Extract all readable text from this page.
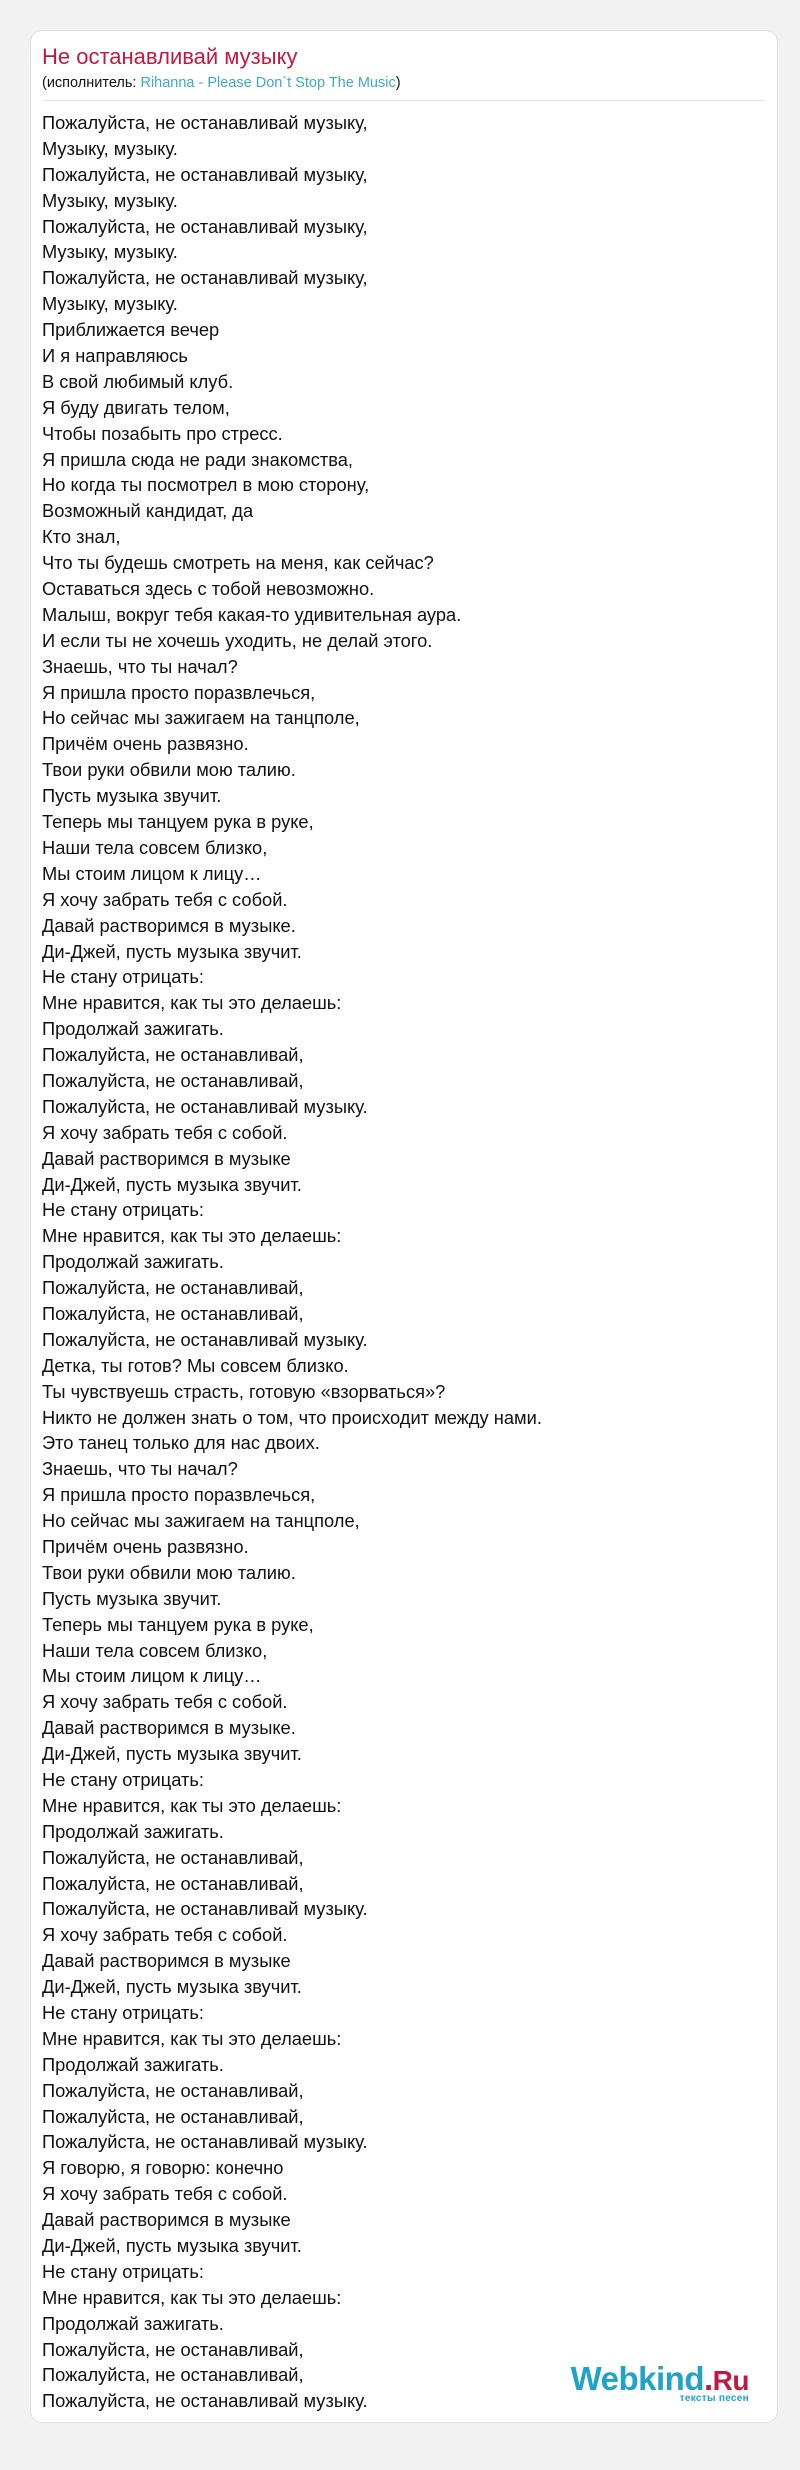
Не останавливай музыку
(исполнитель: Rihanna - Please Don`t Stop The Music)
Пожалуйста, не останавливай музыку,
Музыку, музыку.
Пожалуйста, не останавливай музыку,
Музыку, музыку.
Пожалуйста, не останавливай музыку,
Музыку, музыку.
Пожалуйста, не останавливай музыку,
Музыку, музыку.
Приближается вечер
И я направляюсь
В свой любимый клуб.
Я буду двигать телом,
Чтобы позабыть про стресс.
Я пришла сюда не ради знакомства,
Но когда ты посмотрел в мою сторону,
Возможный кандидат, да
Кто знал,
Что ты будешь смотреть на меня, как сейчас?
Оставаться здесь с тобой невозможно.
Малыш, вокруг тебя какая-то удивительная аура.
И если ты не хочешь уходить, не делай этого.
Знаешь, что ты начал?
Я пришла просто поразвлечься,
Но сейчас мы зажигаем на танцполе,
Причём очень развязно.
Твои руки обвили мою талию.
Пусть музыка звучит.
Теперь мы танцуем рука в руке,
Наши тела совсем близко,
Мы стоим лицом к лицу…
Я хочу забрать тебя с собой.
Давай растворимся в музыке.
Ди-Джей, пусть музыка звучит.
Не стану отрицать:
Мне нравится, как ты это делаешь:
Продолжай зажигать.
Пожалуйста, не останавливай,
Пожалуйста, не останавливай,
Пожалуйста, не останавливай музыку.
Я хочу забрать тебя с собой.
Давай растворимся в музыке
Ди-Джей, пусть музыка звучит.
Не стану отрицать:
Мне нравится, как ты это делаешь:
Продолжай зажигать.
Пожалуйста, не останавливай,
Пожалуйста, не останавливай,
Пожалуйста, не останавливай музыку.
Детка, ты готов? Мы совсем близко.
Ты чувствуешь страсть, готовую «взорваться»?
Никто не должен знать о том, что происходит между нами.
Это танец только для нас двоих.
Знаешь, что ты начал?
Я пришла просто поразвлечься,
Но сейчас мы зажигаем на танцполе,
Причём очень развязно.
Твои руки обвили мою талию.
Пусть музыка звучит.
Теперь мы танцуем рука в руке,
Наши тела совсем близко,
Мы стоим лицом к лицу…
Я хочу забрать тебя с собой.
Давай растворимся в музыке.
Ди-Джей, пусть музыка звучит.
Не стану отрицать:
Мне нравится, как ты это делаешь:
Продолжай зажигать.
Пожалуйста, не останавливай,
Пожалуйста, не останавливай,
Пожалуйста, не останавливай музыку.
Я хочу забрать тебя с собой.
Давай растворимся в музыке
Ди-Джей, пусть музыка звучит.
Не стану отрицать:
Мне нравится, как ты это делаешь:
Продолжай зажигать.
Пожалуйста, не останавливай,
Пожалуйста, не останавливай,
Пожалуйста, не останавливай музыку.
Я говорю, я говорю: конечно
Я хочу забрать тебя с собой.
Давай растворимся в музыке
Ди-Джей, пусть музыка звучит.
Не стану отрицать:
Мне нравится, как ты это делаешь:
Продолжай зажигать.
Пожалуйста, не останавливай,
Пожалуйста, не останавливай,
Пожалуйста, не останавливай музыку.
Webkind.Ru
тексты песен
